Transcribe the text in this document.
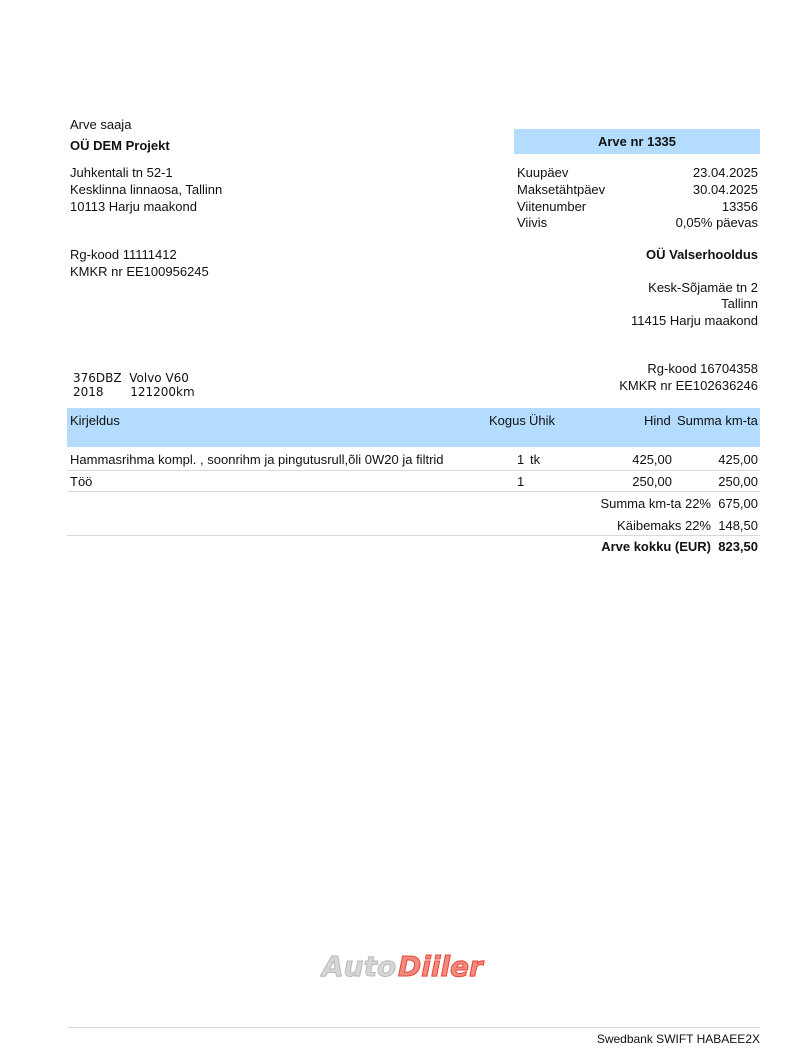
Arve saaja
OÜ DEM Projekt
Juhkentali tn 52-1
Kesklinna linnaosa, Tallinn
10113 Harju maakond
Rg-kood 11111412
KMKR nr EE100956245
Arve nr 1335
Kuupäev	23.04.2025
Maksetähtpäev	30.04.2025
Viitenumber	13356
Viivis	0,05% päevas
OÜ Valserhooldus
Kesk-Sõjamäe tn 2
Tallinn
11415 Harju maakond
Rg-kood 16704358
KMKR nr EE102636246
376DBZ Volvo V60
2018 121200km
Kirjeldus	Kogus Ühik	Hind Summa km-ta
Hammasrihma kompl. , soonrihm ja pingutusrull,õli 0W20 ja filtrid	1 tk	425,00	425,00
Töö	1	250,00	250,00
Summa km-ta 22% 675,00
Käibemaks 22% 148,50
Arve kokku (EUR) 823,50
Auto Diiler
Swedbank SWIFT HABAEE2X
